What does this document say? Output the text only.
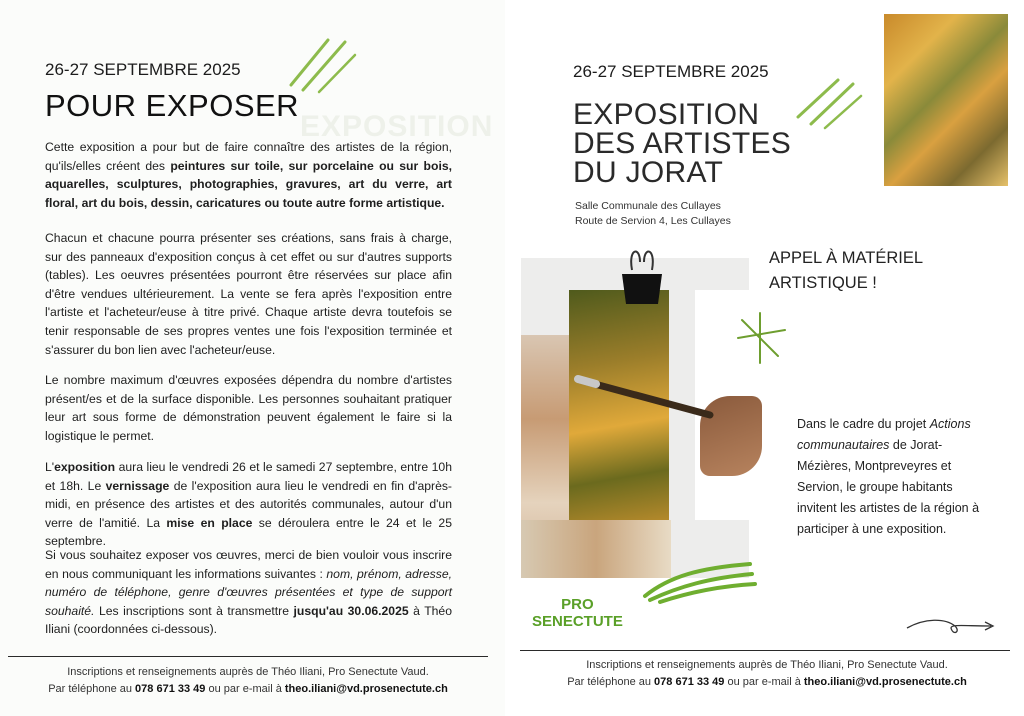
EXPOSITION
26-27 SEPTEMBRE 2025
POUR EXPOSER
Cette exposition a pour but de faire connaître des artistes de la région, qu'ils/elles créent des peintures sur toile, sur porcelaine ou sur bois, aquarelles, sculptures, photographies, gravures, art du verre, art floral, art du bois, dessin, caricatures ou toute autre forme artistique.
Chacun et chacune pourra présenter ses créations, sans frais à charge, sur des panneaux d'exposition conçus à cet effet ou sur d'autres supports (tables). Les oeuvres présentées pourront être réservées sur place afin d'être vendues ultérieurement. La vente se fera après l'exposition entre l'artiste et l'acheteur/euse à titre privé. Chaque artiste devra toutefois se tenir responsable de ses propres ventes une fois l'exposition terminée et s'assurer du bon lien avec l'acheteur/euse.
Le nombre maximum d'œuvres exposées dépendra du nombre d'artistes présent/es et de la surface disponible. Les personnes souhaitant pratiquer leur art sous forme de démonstration peuvent également le faire si la logistique le permet.
L'exposition aura lieu le vendredi 26 et le samedi 27 septembre, entre 10h et 18h. Le vernissage de l'exposition aura lieu le vendredi en fin d'après-midi, en présence des artistes et des autorités communales, autour d'un verre de l'amitié. La mise en place se déroulera entre le 24 et le 25 septembre.
Si vous souhaitez exposer vos œuvres, merci de bien vouloir vous inscrire en nous communiquant les informations suivantes : nom, prénom, adresse, numéro de téléphone, genre d'œuvres présentées et type de support souhaité. Les inscriptions sont à transmettre jusqu'au 30.06.2025 à Théo Iliani (coordonnées ci-dessous).
Inscriptions et renseignements auprès de Théo Iliani, Pro Senectute Vaud.
Par téléphone au 078 671 33 49 ou par e-mail à theo.iliani@vd.prosenectute.ch
26-27 SEPTEMBRE 2025
EXPOSITION
DES ARTISTES
DU JORAT
Salle Communale des Cullayes
Route de Servion 4, Les Cullayes
APPEL À MATÉRIEL
ARTISTIQUE !
Dans le cadre du projet Actions communautaires de Jorat-Mézières, Montpreveyres et Servion, le groupe habitants invitent les artistes de la région à participer à une exposition.
PRO
SENECTUTE
Inscriptions et renseignements auprès de Théo Iliani, Pro Senectute Vaud.
Par téléphone au 078 671 33 49 ou par e-mail à theo.iliani@vd.prosenectute.ch
